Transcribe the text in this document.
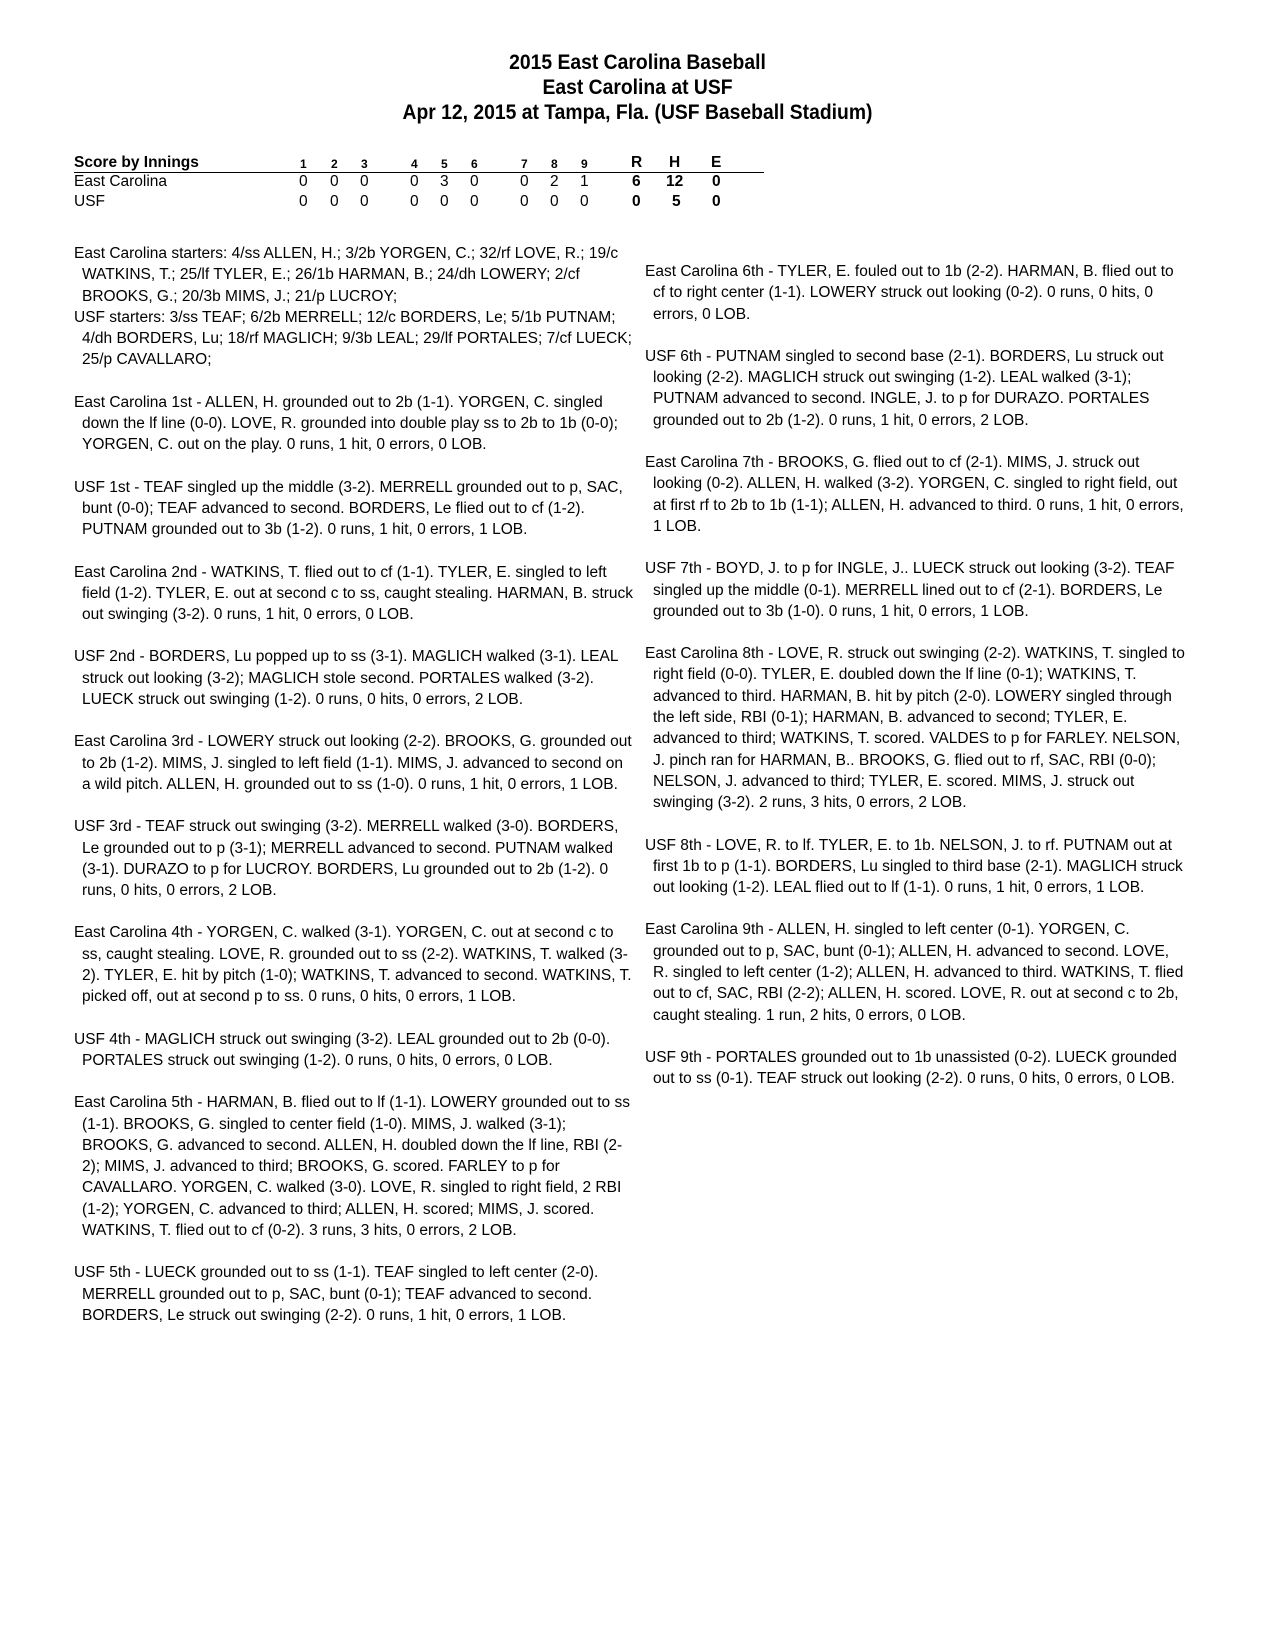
2015 East Carolina Baseball
East Carolina at USF
Apr 12, 2015 at Tampa, Fla. (USF Baseball Stadium)
Score by Innings	1 2 3	4 5 6	7 8 9	R H E
East Carolina	0 0 0	0 3 0	0 2 1	6 12 0
USF	0 0 0	0 0 0	0 0 0	0 5 0

East Carolina starters: 4/ss ALLEN, H.; 3/2b YORGEN, C.; 32/rf LOVE, R.; 19/c WATKINS, T.; 25/lf TYLER, E.; 26/1b HARMAN, B.; 24/dh LOWERY; 2/cf BROOKS, G.; 20/3b MIMS, J.; 21/p LUCROY;

USF starters: 3/ss TEAF; 6/2b MERRELL; 12/c BORDERS, Le; 5/1b PUTNAM; 4/dh BORDERS, Lu; 18/rf MAGLICH; 9/3b LEAL; 29/lf PORTALES; 7/cf LUECK; 25/p CAVALLARO;

East Carolina 1st - ALLEN, H. grounded out to 2b (1-1). YORGEN, C. singled down the lf line (0-0). LOVE, R. grounded into double play ss to 2b to 1b (0-0); YORGEN, C. out on the play. 0 runs, 1 hit, 0 errors, 0 LOB.

USF 1st - TEAF singled up the middle (3-2). MERRELL grounded out to p, SAC, bunt (0-0); TEAF advanced to second. BORDERS, Le flied out to cf (1-2). PUTNAM grounded out to 3b (1-2). 0 runs, 1 hit, 0 errors, 1 LOB.

East Carolina 2nd - WATKINS, T. flied out to cf (1-1). TYLER, E. singled to left field (1-2). TYLER, E. out at second c to ss, caught stealing. HARMAN, B. struck out swinging (3-2). 0 runs, 1 hit, 0 errors, 0 LOB.

USF 2nd - BORDERS, Lu popped up to ss (3-1). MAGLICH walked (3-1). LEAL struck out looking (3-2); MAGLICH stole second. PORTALES walked (3-2). LUECK struck out swinging (1-2). 0 runs, 0 hits, 0 errors, 2 LOB.

East Carolina 3rd - LOWERY struck out looking (2-2). BROOKS, G. grounded out to 2b (1-2). MIMS, J. singled to left field (1-1). MIMS, J. advanced to second on a wild pitch. ALLEN, H. grounded out to ss (1-0). 0 runs, 1 hit, 0 errors, 1 LOB.

USF 3rd - TEAF struck out swinging (3-2). MERRELL walked (3-0). BORDERS, Le grounded out to p (3-1); MERRELL advanced to second. PUTNAM walked (3-1). DURAZO to p for LUCROY. BORDERS, Lu grounded out to 2b (1-2). 0 runs, 0 hits, 0 errors, 2 LOB.

East Carolina 4th - YORGEN, C. walked (3-1). YORGEN, C. out at second c to ss, caught stealing. LOVE, R. grounded out to ss (2-2). WATKINS, T. walked (3-2). TYLER, E. hit by pitch (1-0); WATKINS, T. advanced to second. WATKINS, T. picked off, out at second p to ss. 0 runs, 0 hits, 0 errors, 1 LOB.

USF 4th - MAGLICH struck out swinging (3-2). LEAL grounded out to 2b (0-0). PORTALES struck out swinging (1-2). 0 runs, 0 hits, 0 errors, 0 LOB.

East Carolina 5th - HARMAN, B. flied out to lf (1-1). LOWERY grounded out to ss (1-1). BROOKS, G. singled to center field (1-0). MIMS, J. walked (3-1); BROOKS, G. advanced to second. ALLEN, H. doubled down the lf line, RBI (2-2); MIMS, J. advanced to third; BROOKS, G. scored. FARLEY to p for CAVALLARO. YORGEN, C. walked (3-0). LOVE, R. singled to right field, 2 RBI (1-2); YORGEN, C. advanced to third; ALLEN, H. scored; MIMS, J. scored. WATKINS, T. flied out to cf (0-2). 3 runs, 3 hits, 0 errors, 2 LOB.

USF 5th - LUECK grounded out to ss (1-1). TEAF singled to left center (2-0). MERRELL grounded out to p, SAC, bunt (0-1); TEAF advanced to second. BORDERS, Le struck out swinging (2-2). 0 runs, 1 hit, 0 errors, 1 LOB.

East Carolina 6th - TYLER, E. fouled out to 1b (2-2). HARMAN, B. flied out to cf to right center (1-1). LOWERY struck out looking (0-2). 0 runs, 0 hits, 0 errors, 0 LOB.

USF 6th - PUTNAM singled to second base (2-1). BORDERS, Lu struck out looking (2-2). MAGLICH struck out swinging (1-2). LEAL walked (3-1); PUTNAM advanced to second. INGLE, J. to p for DURAZO. PORTALES grounded out to 2b (1-2). 0 runs, 1 hit, 0 errors, 2 LOB.

East Carolina 7th - BROOKS, G. flied out to cf (2-1). MIMS, J. struck out looking (0-2). ALLEN, H. walked (3-2). YORGEN, C. singled to right field, out at first rf to 2b to 1b (1-1); ALLEN, H. advanced to third. 0 runs, 1 hit, 0 errors, 1 LOB.

USF 7th - BOYD, J. to p for INGLE, J.. LUECK struck out looking (3-2). TEAF singled up the middle (0-1). MERRELL lined out to cf (2-1). BORDERS, Le grounded out to 3b (1-0). 0 runs, 1 hit, 0 errors, 1 LOB.

East Carolina 8th - LOVE, R. struck out swinging (2-2). WATKINS, T. singled to right field (0-0). TYLER, E. doubled down the lf line (0-1); WATKINS, T. advanced to third. HARMAN, B. hit by pitch (2-0). LOWERY singled through the left side, RBI (0-1); HARMAN, B. advanced to second; TYLER, E. advanced to third; WATKINS, T. scored. VALDES to p for FARLEY. NELSON, J. pinch ran for HARMAN, B.. BROOKS, G. flied out to rf, SAC, RBI (0-0); NELSON, J. advanced to third; TYLER, E. scored. MIMS, J. struck out swinging (3-2). 2 runs, 3 hits, 0 errors, 2 LOB.

USF 8th - LOVE, R. to lf. TYLER, E. to 1b. NELSON, J. to rf. PUTNAM out at first 1b to p (1-1). BORDERS, Lu singled to third base (2-1). MAGLICH struck out looking (1-2). LEAL flied out to lf (1-1). 0 runs, 1 hit, 0 errors, 1 LOB.

East Carolina 9th - ALLEN, H. singled to left center (0-1). YORGEN, C. grounded out to p, SAC, bunt (0-1); ALLEN, H. advanced to second. LOVE, R. singled to left center (1-2); ALLEN, H. advanced to third. WATKINS, T. flied out to cf, SAC, RBI (2-2); ALLEN, H. scored. LOVE, R. out at second c to 2b, caught stealing. 1 run, 2 hits, 0 errors, 0 LOB.

USF 9th - PORTALES grounded out to 1b unassisted (0-2). LUECK grounded out to ss (0-1). TEAF struck out looking (2-2). 0 runs, 0 hits, 0 errors, 0 LOB.
